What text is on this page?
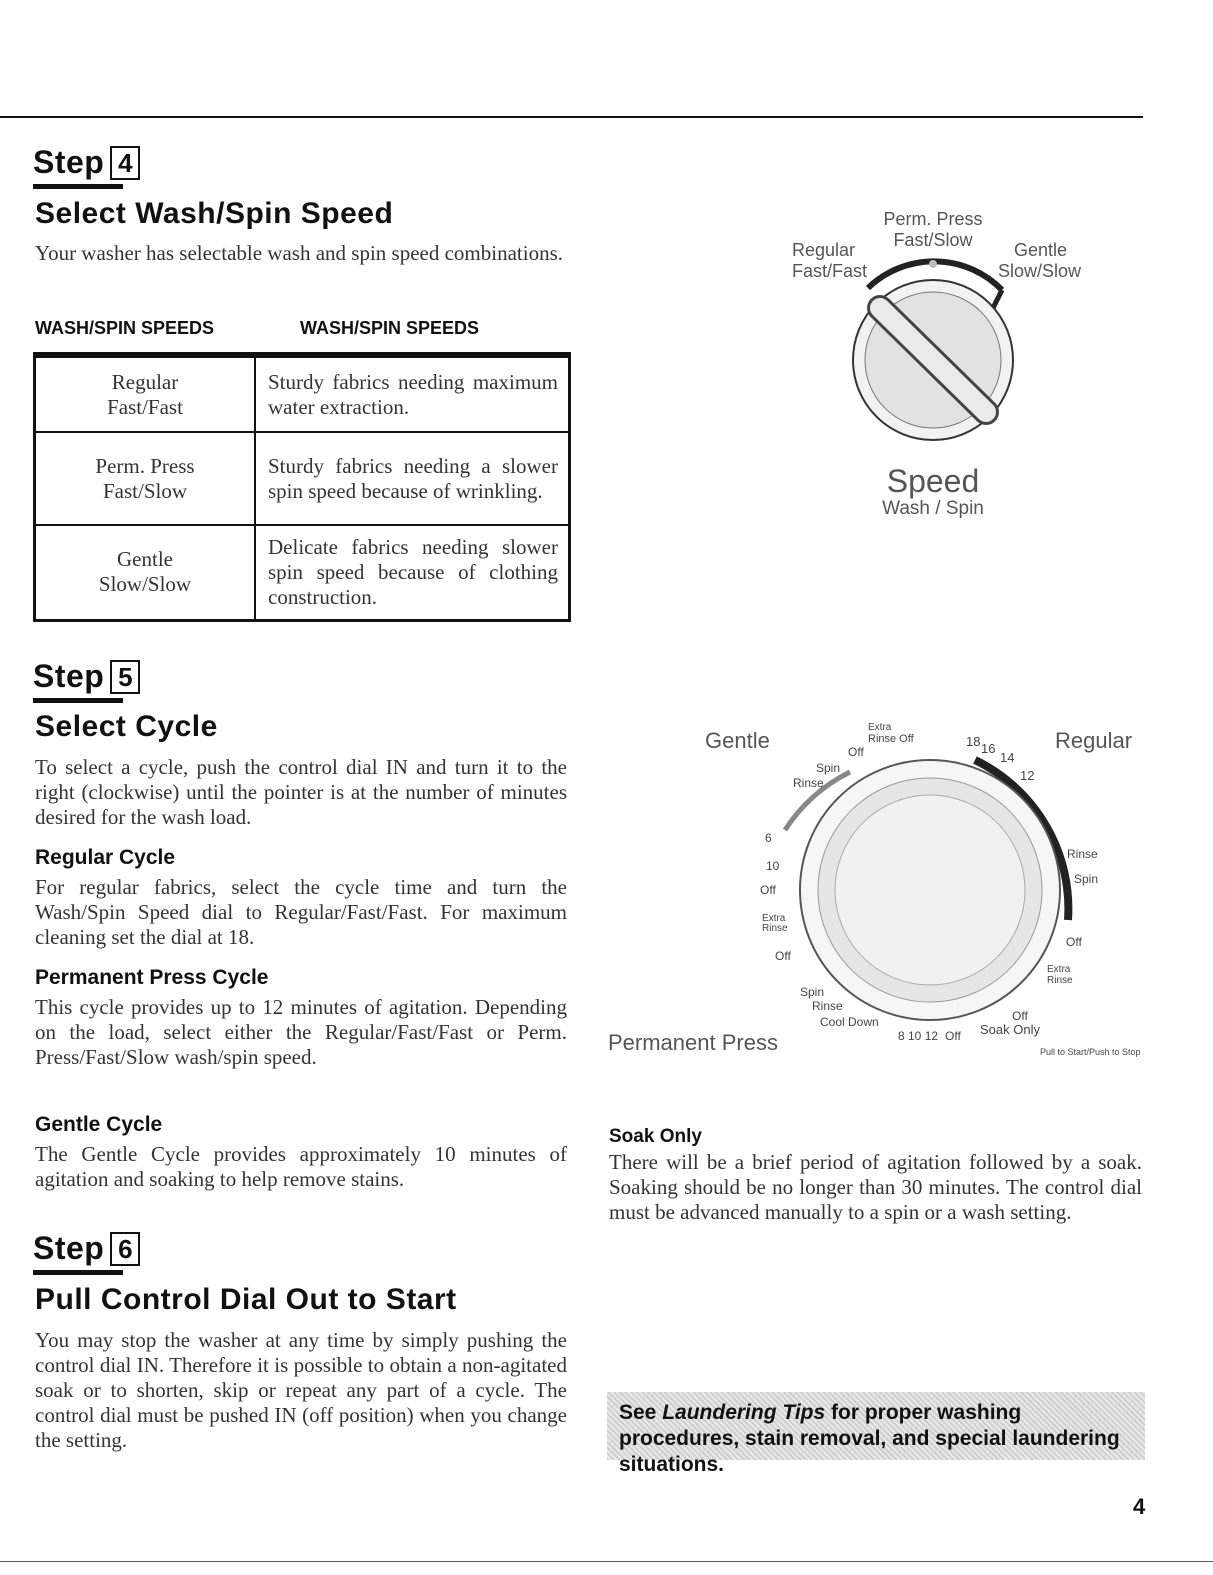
Step 4
Select Wash/Spin Speed

Your washer has selectable wash and spin speed combinations.

WASH/SPIN SPEEDS	WASH/SPIN SPEEDS
Regular
Fast/Fast	Sturdy fabrics needing maximum water extraction.

Perm. Press
Fast/Slow	Sturdy fabrics needing a slower spin speed because of wrinkling.

Gentle
Slow/Slow	Delicate fabrics needing slower spin speed because of clothing construction.
Perm. Press
Fast/Slow
Regular
Fast/Fast
Gentle
Slow/Slow
Speed
Wash / Spin
Step 5
Select Cycle

To select a cycle, push the control dial IN and turn it to the right (clockwise) until the pointer is at the number of minutes desired for the wash load.

Regular Cycle

For regular fabrics, select the cycle time and turn the Wash/Spin Speed dial to Regular/Fast/Fast. For maximum cleaning set the dial at 18.

Permanent Press Cycle

This cycle provides up to 12 minutes of agitation. Depending on the load, select either the Regular/Fast/Fast or Perm. Press/Fast/Slow wash/spin speed.

Gentle Cycle

The Gentle Cycle provides approximately 10 minutes of agitation and soaking to help remove stains.

Gentle	Regular
Permanent Press
Extra
Rinse Off
Off
Spin
Rinse
18 16
14
12
6
10
Off
Extra
Rinse
Off
Spin
Rinse
Cool Down
8 10 12 Off Soak Only
Off
Rinse
Spin
Off
Extra
Rinse
Pull to Start/Push to Stop
Soak Only

There will be a brief period of agitation followed by a soak. Soaking should be no longer than 30 minutes. The control dial must be advanced manually to a spin or a wash setting.

Step 6
Pull Control Dial Out to Start

You may stop the washer at any time by simply pushing the control dial IN. Therefore it is possible to obtain a non-agitated soak or to shorten, skip or repeat any part of a cycle. The control dial must be pushed IN (off position) when you change the setting.

See Laundering Tips for proper washing procedures, stain removal, and special laundering situations.
4
